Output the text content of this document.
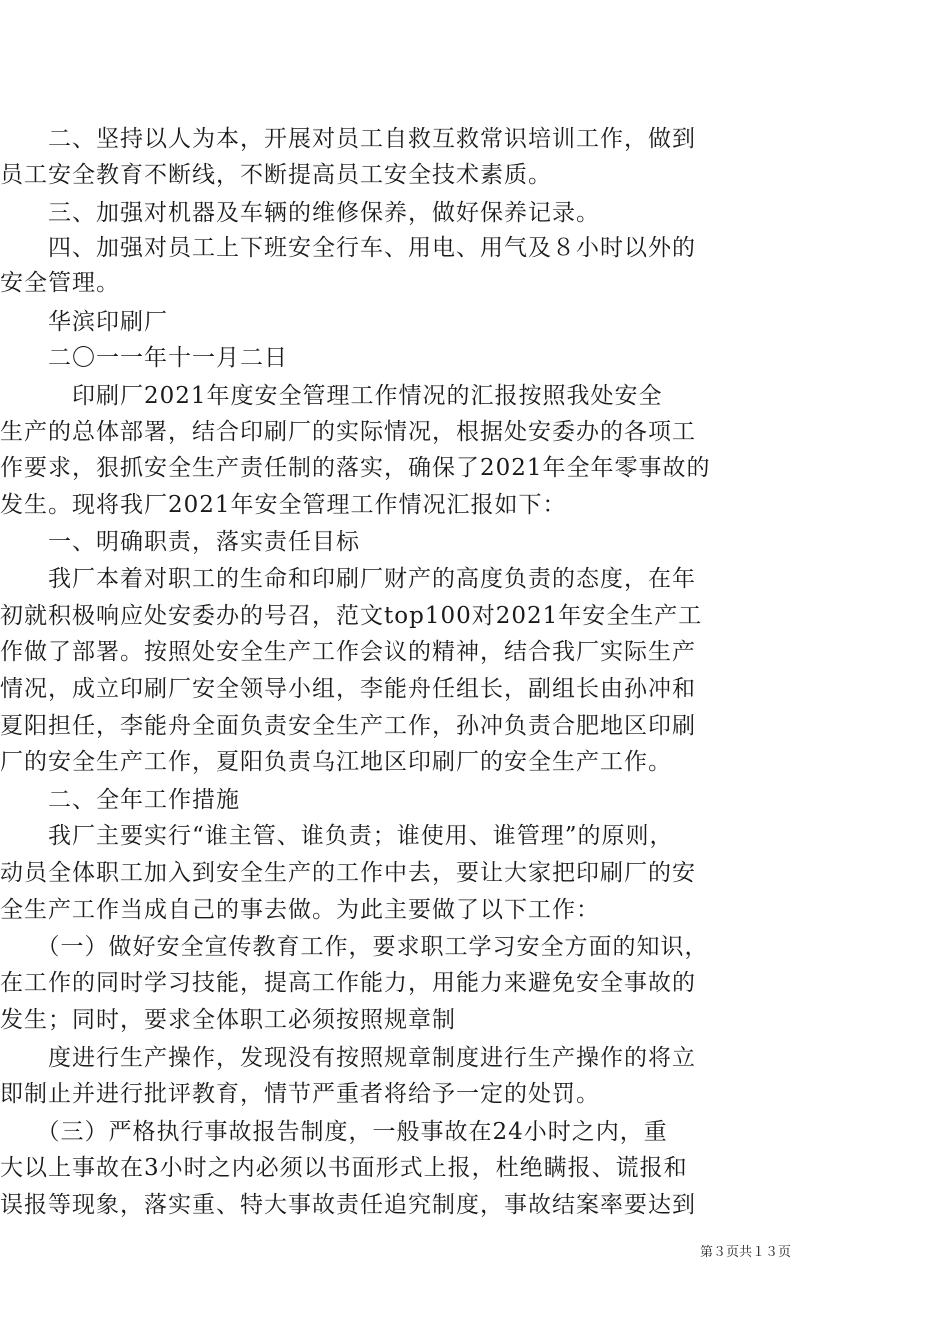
　　二、坚持以人为本，开展对员工自救互救常识培训工作，做到
员工安全教育不断线，不断提高员工安全技术素质。
　　三、加强对机器及车辆的维修保养，做好保养记录。
　　四、加强对员工上下班安全行车、用电、用气及８小时以外的
安全管理。
　　华滨印刷厂
　　二〇一一年十一月二日
　　　印刷厂2021年度安全管理工作情况的汇报按照我处安全
生产的总体部署，结合印刷厂的实际情况，根据处安委办的各项工
作要求，狠抓安全生产责任制的落实，确保了2021年全年零事故的
发生。现将我厂2021年安全管理工作情况汇报如下：
　　一、明确职责，落实责任目标
　　我厂本着对职工的生命和印刷厂财产的高度负责的态度，在年
初就积极响应处安委办的号召，范文top100对2021年安全生产工
作做了部署。按照处安全生产工作会议的精神，结合我厂实际生产
情况，成立印刷厂安全领导小组，李能舟任组长，副组长由孙冲和
夏阳担任，李能舟全面负责安全生产工作，孙冲负责合肥地区印刷
厂的安全生产工作，夏阳负责乌江地区印刷厂的安全生产工作。
　　二、全年工作措施
　　我厂主要实行“谁主管、谁负责；谁使用、谁管理”的原则，
动员全体职工加入到安全生产的工作中去，要让大家把印刷厂的安
全生产工作当成自己的事去做。为此主要做了以下工作：
　　（一）做好安全宣传教育工作，要求职工学习安全方面的知识，
在工作的同时学习技能，提高工作能力，用能力来避免安全事故的
发生；同时，要求全体职工必须按照规章制
　　度进行生产操作，发现没有按照规章制度进行生产操作的将立
即制止并进行批评教育，情节严重者将给予一定的处罚。
　　（三）严格执行事故报告制度，一般事故在24小时之内，重
大以上事故在3小时之内必须以书面形式上报，杜绝瞒报、谎报和
误报等现象，落实重、特大事故责任追究制度，事故结案率要达到
第３页共１３页
